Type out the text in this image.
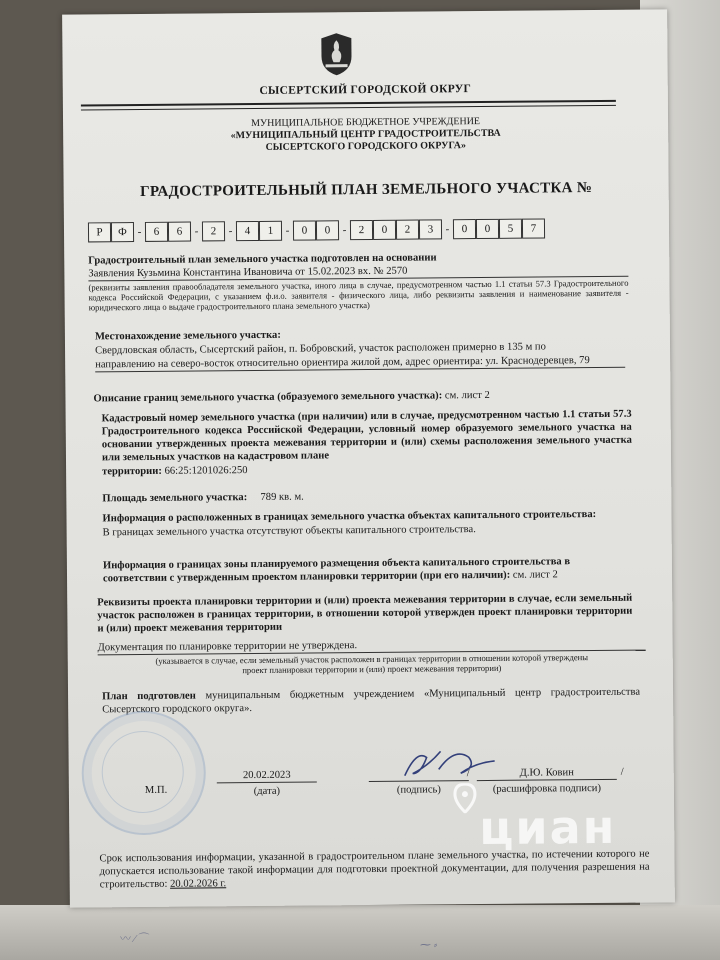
〰 ⁄ ⌒	⁓ ⸗
СЫСЕРТСКИЙ ГОРОДСКОЙ ОКРУГ
МУНИЦИПАЛЬНОЕ БЮДЖЕТНОЕ УЧРЕЖДЕНИЕ
«МУНИЦИПАЛЬНЫЙ ЦЕНТР ГРАДОСТРОИТЕЛЬСТВА
СЫСЕРТСКОГО ГОРОДСКОГО ОКРУГА»
ГРАДОСТРОИТЕЛЬНЫЙ ПЛАН ЗЕМЕЛЬНОГО УЧАСТКА №
Р	Ф -	6	6	-	2	-	4	1	-	0	0	-	2	0	2	3	-	0	0	5	7
Градостроительный план земельного участка подготовлен на основании
Заявления Кузьмина Константина Ивановича от 15.02.2023 вх. № 2570
(реквизиты заявления правообладателя земельного участка, иного лица в случае, предусмотренном частью 1.1 статьи 57.3 Градостроительного кодекса Российской Федерации, с указанием ф.и.о. заявителя - физического лица, либо реквизиты заявления и наименование заявителя - юридического лица о выдаче градостроительного плана земельного участка)
Местонахождение земельного участка:
Свердловская область, Сысертский район, п. Бобровский, участок расположен примерно в 135 м по
направлению на северо-восток относительно ориентира жилой дом, адрес ориентира: ул. Краснодеревцев, 79
Описание границ земельного участка (образуемого земельного участка): см. лист 2
Кадастровый номер земельного участка (при наличии) или в случае, предусмотренном частью 1.1 статьи 57.3 Градостроительного кодекса Российской Федерации, условный номер образуемого земельного участка на основании утвержденных проекта межевания территории и (или) схемы расположения земельного участка или земельных участков на кадастровом плане
территории: 66:25:1201026:250
Площадь земельного участка: 789 кв. м.
Информация о расположенных в границах земельного участка объектах капитального строительства:
В границах земельного участка отсутствуют объекты капитального строительства.
Информация о границах зоны планируемого размещения объекта капитального строительства в соответствии с утвержденным проектом планировки территории (при его наличии): см. лист 2
Реквизиты проекта планировки территории и (или) проекта межевания территории в случае, если земельный участок расположен в границах территории, в отношении которой утвержден проект планировки территории и (или) проект межевания территории
Документация по планировке территории не утверждена.
(указывается в случае, если земельный участок расположен в границах территории в отношении которой утверждены
проект планировки территории и (или) проект межевания территории)
План подготовлен муниципальным бюджетным учреждением «Муниципальный центр градостроительства Сысертского городского округа».
М.П.
20.02.2023
(дата)
/
(подпись)
Д.Ю. Ковин	/
(расшифровка подписи)
циан
Срок использования информации, указанной в градостроительном плане земельного участка, по истечении которого не допускается использование такой информации для подготовки проектной документации, для получения разрешения на строительство: 20.02.2026 г.
